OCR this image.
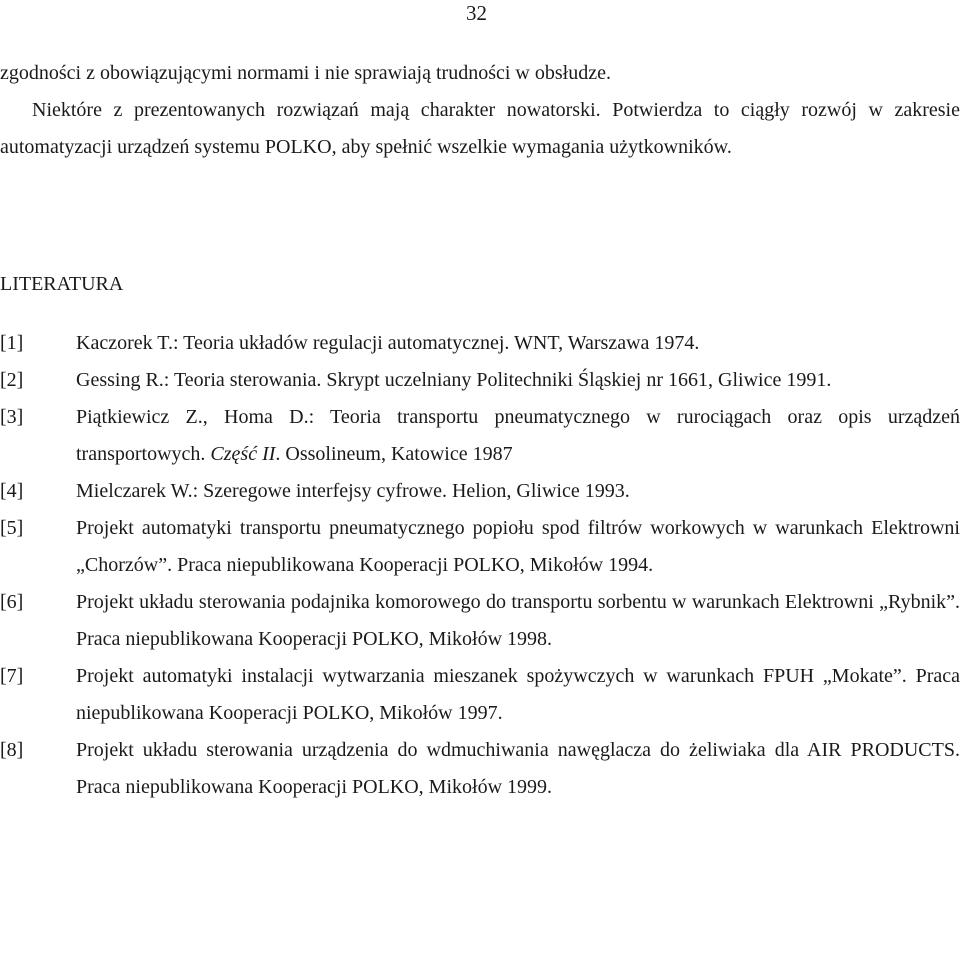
32
zgodności z obowiązującymi normami i nie sprawiają trudności w obsłudze.
Niektóre z prezentowanych rozwiązań mają charakter nowatorski. Potwierdza to ciągły rozwój w zakresie automatyzacji urządzeń systemu POLKO, aby spełnić wszelkie wymagania użytkowników.
LITERATURA
[1]	Kaczorek T.: Teoria układów regulacji automatycznej. WNT, Warszawa 1974.
[2]	Gessing R.: Teoria sterowania. Skrypt uczelniany Politechniki Śląskiej nr 1661, Gliwice 1991.
[3]	Piątkiewicz Z., Homa D.: Teoria transportu pneumatycznego w rurociągach oraz opis urządzeń transportowych. Część II. Ossolineum, Katowice 1987
[4]	Mielczarek W.: Szeregowe interfejsy cyfrowe. Helion, Gliwice 1993.
[5]	Projekt automatyki transportu pneumatycznego popiołu spod filtrów workowych w warunkach Elektrowni „Chorzów”. Praca niepublikowana Kooperacji POLKO, Mikołów 1994.
[6]	Projekt układu sterowania podajnika komorowego do transportu sorbentu w warunkach Elektrowni „Rybnik”. Praca niepublikowana Kooperacji POLKO, Mikołów 1998.
[7]	Projekt automatyki instalacji wytwarzania mieszanek spożywczych w warunkach FPUH „Mokate”. Praca niepublikowana Kooperacji POLKO, Mikołów 1997.
[8]	Projekt układu sterowania urządzenia do wdmuchiwania nawęglacza do żeliwiaka dla AIR PRODUCTS. Praca niepublikowana Kooperacji POLKO, Mikołów 1999.
